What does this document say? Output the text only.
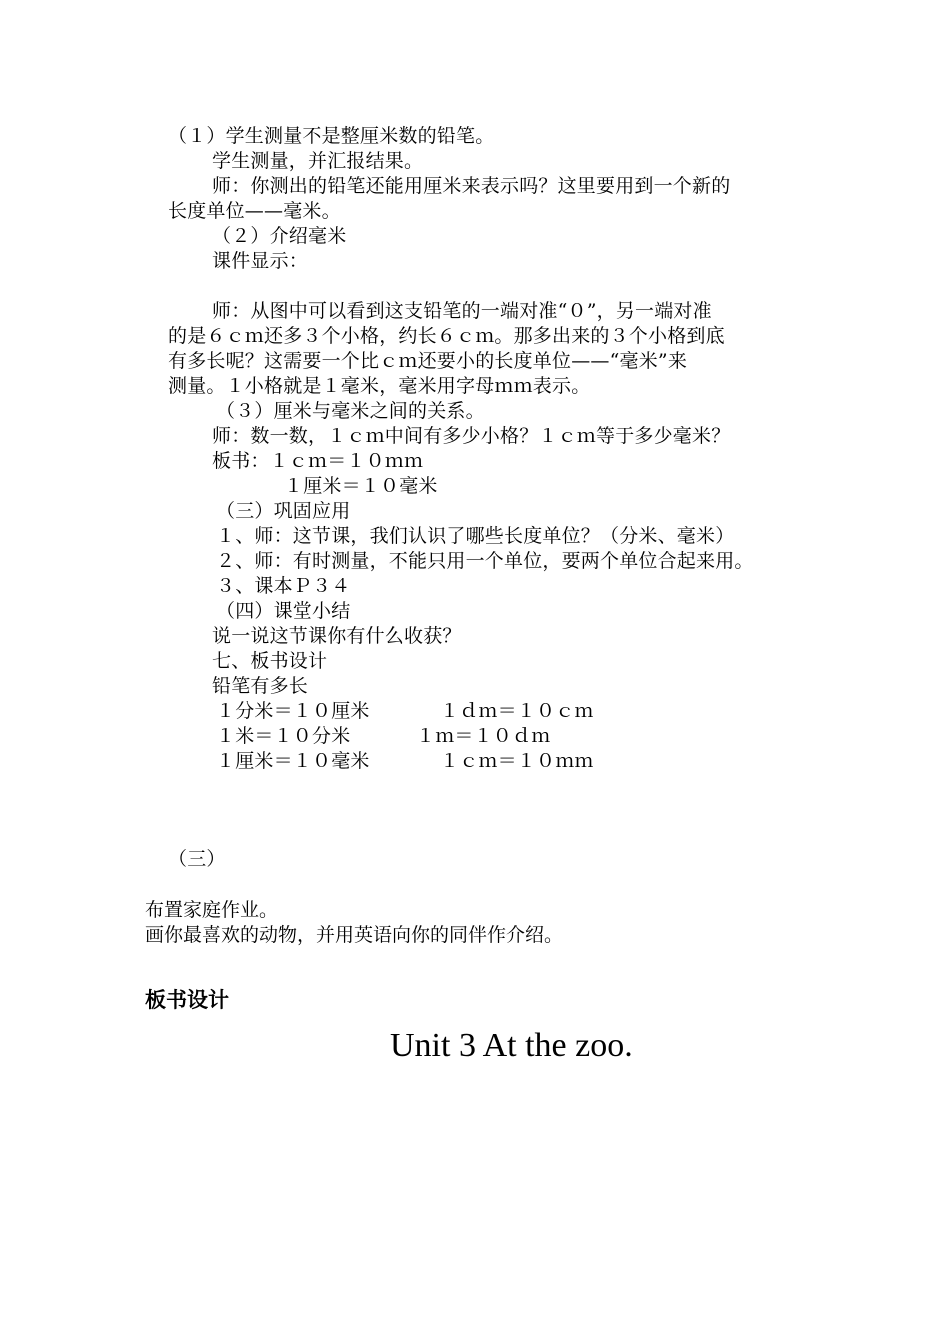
（１）学生测量不是整厘米数的铅笔。
学生测量，并汇报结果。
师：你测出的铅笔还能用厘米来表示吗？这里要用到一个新的
长度单位——毫米。
（２）介绍毫米
课件显示：
师：从图中可以看到这支铅笔的一端对准“０”，另一端对准
的是６ｃｍ还多３个小格，约长６ｃｍ。那多出来的３个小格到底
有多长呢？这需要一个比ｃｍ还要小的长度单位——“毫米”来
测量。１小格就是１毫米，毫米用字母ｍｍ表示。
（３）厘米与毫米之间的关系。
师：数一数，１ｃｍ中间有多少小格？１ｃｍ等于多少毫米？
板书：１ｃｍ＝１０ｍｍ
１厘米＝１０毫米
（三）巩固应用
１、师：这节课，我们认识了哪些长度单位？（分米、毫米）
２、师：有时测量，不能只用一个单位，要两个单位合起来用。
３、课本Ｐ３４
（四）课堂小结
说一说这节课你有什么收获？
七、板书设计
铅笔有多长
１分米＝１０厘米	１ｄｍ＝１０ｃｍ
１米＝１０分米	１ｍ＝１０ｄｍ
１厘米＝１０毫米	１ｃｍ＝１０ｍｍ
（三）
布置家庭作业。
画你最喜欢的动物，并用英语向你的同伴作介绍。
板书设计
Unit 3 At the zoo.
